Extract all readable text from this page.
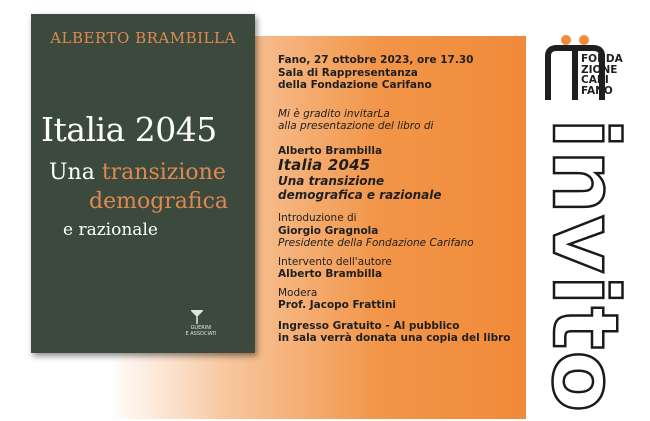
ALBERTO BRAMBILLA
Italia 2045
Una transizione
demografica
e razionale
GUERINI
E ASSOCIATI
Fano, 27 ottobre 2023, ore 17.30
Sala di Rappresentanza
della Fondazione Carifano
Mi è gradito invitarLa
alla presentazione del libro di
Alberto Brambilla
Italia 2045
Una transizione
demografica e razionale
Introduzione di
Giorgio Gragnola
Presidente della Fondazione Carifano
Intervento dell'autore
Alberto Brambilla
Modera
Prof. Jacopo Frattini
Ingresso Gratuito - Al pubblico
in sala verrà donata una copia del libro
FONDA
ZIONE
CARI
FANO
invito
